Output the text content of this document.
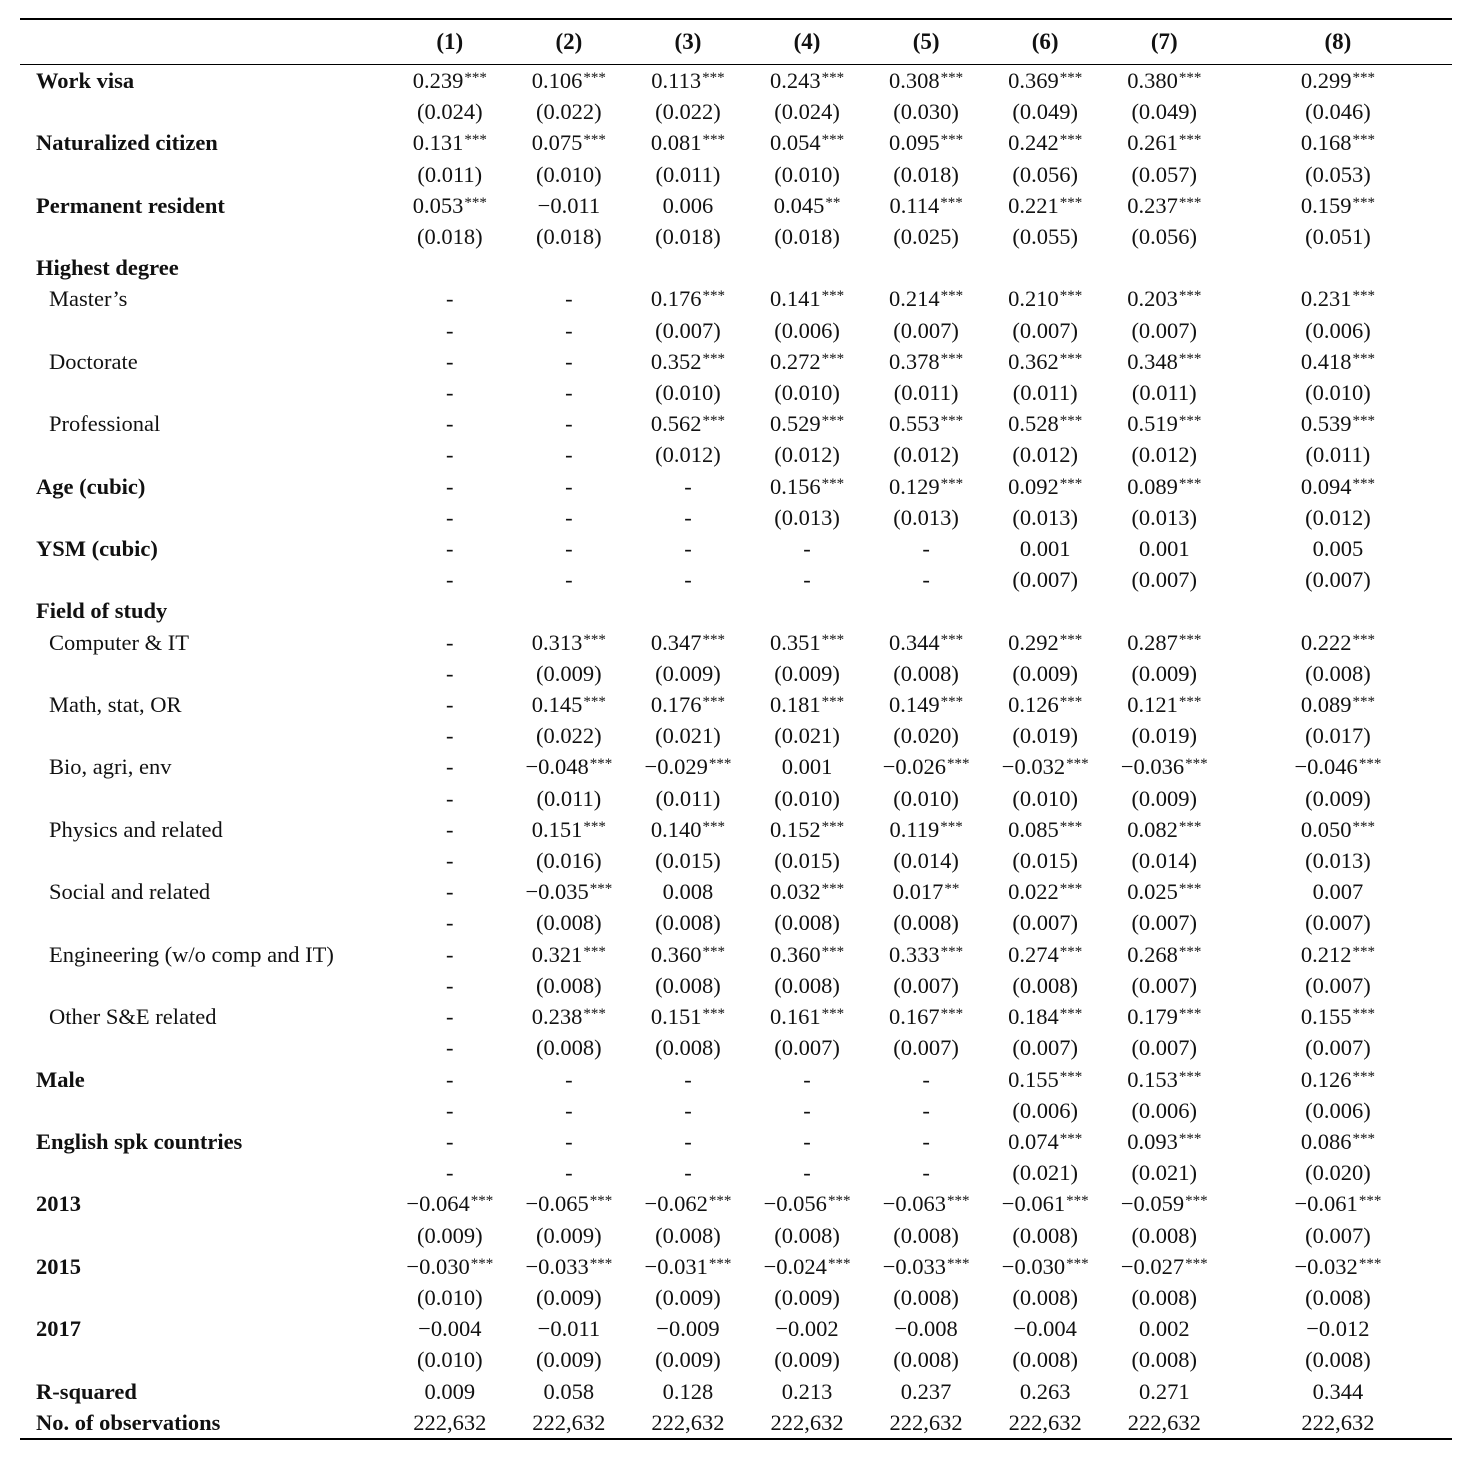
	(1)	(2)	(3)	(4)	(5)	(6)	(7)	(8)
Work visa	0.239***	0.106***	0.113***	0.243***	0.308***	0.369***	0.380***	0.299***
	(0.024)	(0.022)	(0.022)	(0.024)	(0.030)	(0.049)	(0.049)	(0.046)
Naturalized citizen	0.131***	0.075***	0.081***	0.054***	0.095***	0.242***	0.261***	0.168***
	(0.011)	(0.010)	(0.011)	(0.010)	(0.018)	(0.056)	(0.057)	(0.053)
Permanent resident	0.053***	−0.011	0.006	0.045**	0.114***	0.221***	0.237***	0.159***
	(0.018)	(0.018)	(0.018)	(0.018)	(0.025)	(0.055)	(0.056)	(0.051)
Highest degree								
Master’s	-	-	0.176***	0.141***	0.214***	0.210***	0.203***	0.231***
	-	-	(0.007)	(0.006)	(0.007)	(0.007)	(0.007)	(0.006)
Doctorate	-	-	0.352***	0.272***	0.378***	0.362***	0.348***	0.418***
	-	-	(0.010)	(0.010)	(0.011)	(0.011)	(0.011)	(0.010)
Professional	-	-	0.562***	0.529***	0.553***	0.528***	0.519***	0.539***
	-	-	(0.012)	(0.012)	(0.012)	(0.012)	(0.012)	(0.011)
Age (cubic)	-	-	-	0.156***	0.129***	0.092***	0.089***	0.094***
	-	-	-	(0.013)	(0.013)	(0.013)	(0.013)	(0.012)
YSM (cubic)	-	-	-	-	-	0.001	0.001	0.005
	-	-	-	-	-	(0.007)	(0.007)	(0.007)
Field of study								
Computer & IT	-	0.313***	0.347***	0.351***	0.344***	0.292***	0.287***	0.222***
	-	(0.009)	(0.009)	(0.009)	(0.008)	(0.009)	(0.009)	(0.008)
Math, stat, OR	-	0.145***	0.176***	0.181***	0.149***	0.126***	0.121***	0.089***
	-	(0.022)	(0.021)	(0.021)	(0.020)	(0.019)	(0.019)	(0.017)
Bio, agri, env	-	−0.048***	−0.029***	0.001	−0.026***	−0.032***	−0.036***	−0.046***
	-	(0.011)	(0.011)	(0.010)	(0.010)	(0.010)	(0.009)	(0.009)
Physics and related	-	0.151***	0.140***	0.152***	0.119***	0.085***	0.082***	0.050***
	-	(0.016)	(0.015)	(0.015)	(0.014)	(0.015)	(0.014)	(0.013)
Social and related	-	−0.035***	0.008	0.032***	0.017**	0.022***	0.025***	0.007
	-	(0.008)	(0.008)	(0.008)	(0.008)	(0.007)	(0.007)	(0.007)
Engineering (w/o comp and IT)	-	0.321***	0.360***	0.360***	0.333***	0.274***	0.268***	0.212***
	-	(0.008)	(0.008)	(0.008)	(0.007)	(0.008)	(0.007)	(0.007)
Other S&E related	-	0.238***	0.151***	0.161***	0.167***	0.184***	0.179***	0.155***
	-	(0.008)	(0.008)	(0.007)	(0.007)	(0.007)	(0.007)	(0.007)
Male	-	-	-	-	-	0.155***	0.153***	0.126***
	-	-	-	-	-	(0.006)	(0.006)	(0.006)
English spk countries	-	-	-	-	-	0.074***	0.093***	0.086***
	-	-	-	-	-	(0.021)	(0.021)	(0.020)
2013	−0.064***	−0.065***	−0.062***	−0.056***	−0.063***	−0.061***	−0.059***	−0.061***
	(0.009)	(0.009)	(0.008)	(0.008)	(0.008)	(0.008)	(0.008)	(0.007)
2015	−0.030***	−0.033***	−0.031***	−0.024***	−0.033***	−0.030***	−0.027***	−0.032***
	(0.010)	(0.009)	(0.009)	(0.009)	(0.008)	(0.008)	(0.008)	(0.008)
2017	−0.004	−0.011	−0.009	−0.002	−0.008	−0.004	0.002	−0.012
	(0.010)	(0.009)	(0.009)	(0.009)	(0.008)	(0.008)	(0.008)	(0.008)
R-squared	0.009	0.058	0.128	0.213	0.237	0.263	0.271	0.344
No. of observations	222,632	222,632	222,632	222,632	222,632	222,632	222,632	222,632
